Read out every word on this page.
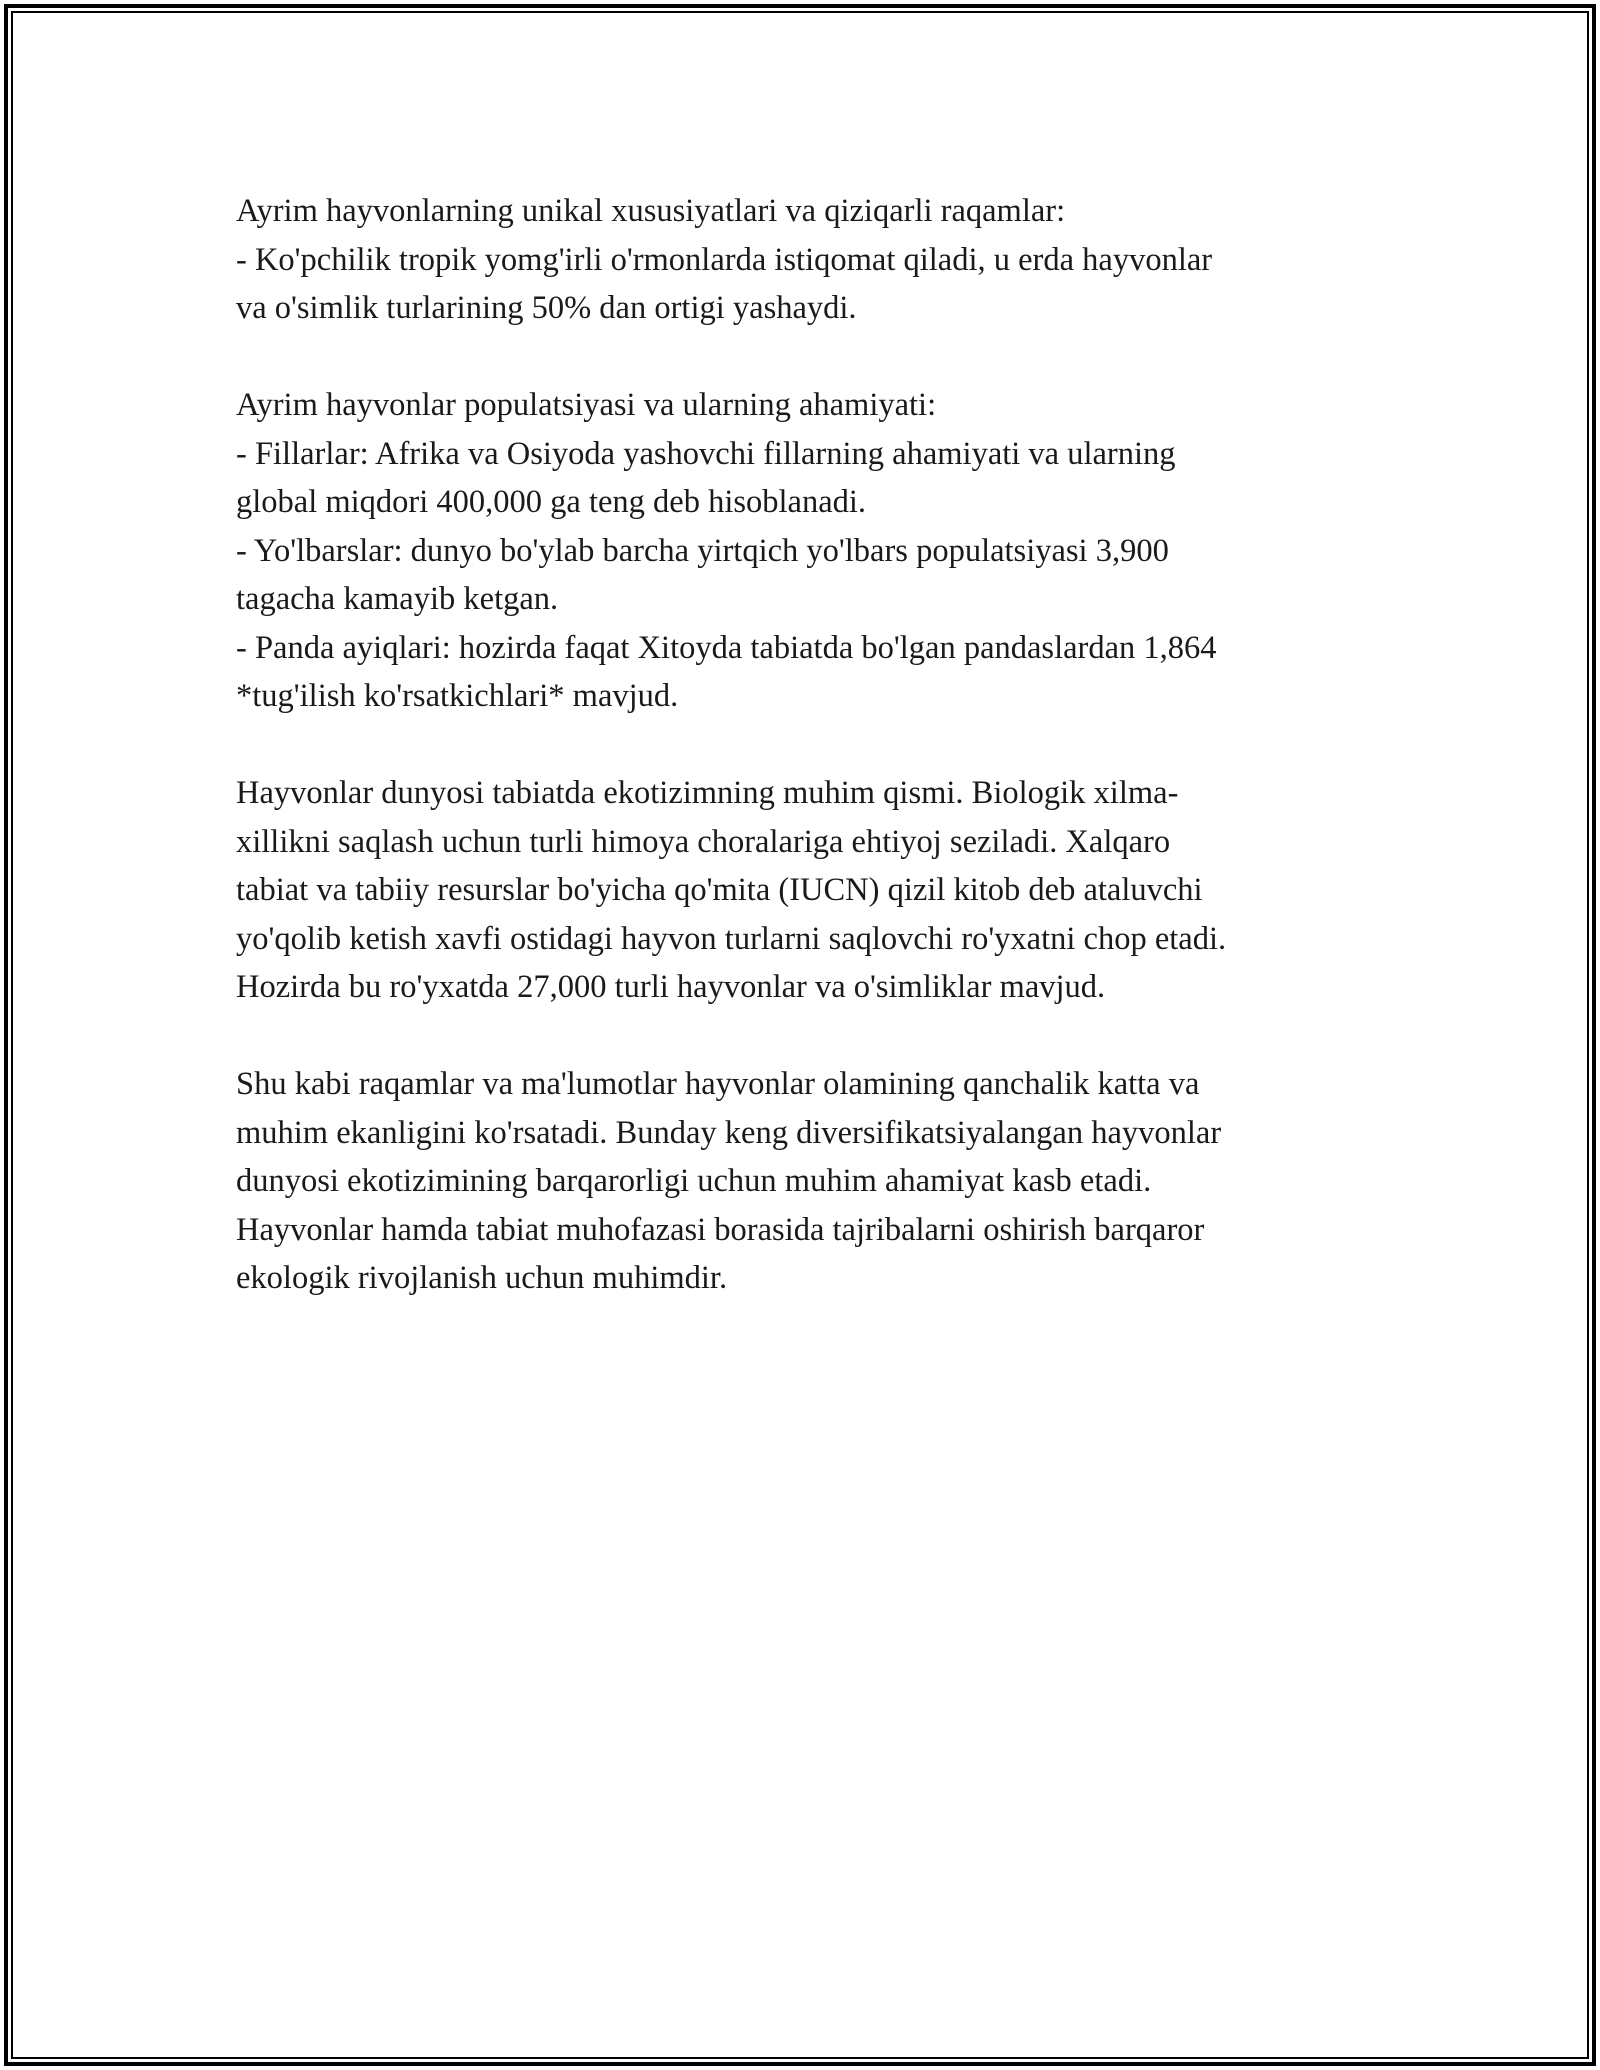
Ayrim hayvonlarning unikal xususiyatlari va qiziqarli raqamlar:
- Ko'pchilik tropik yomg'irli o'rmonlarda istiqomat qiladi, u erda hayvonlar
va o'simlik turlarining 50% dan ortigi yashaydi.
Ayrim hayvonlar populatsiyasi va ularning ahamiyati:
- Fillarlar: Afrika va Osiyoda yashovchi fillarning ahamiyati va ularning
global miqdori 400,000 ga teng deb hisoblanadi.
- Yo'lbarslar: dunyo bo'ylab barcha yirtqich yo'lbars populatsiyasi 3,900
tagacha kamayib ketgan.
- Panda ayiqlari: hozirda faqat Xitoyda tabiatda bo'lgan pandaslardan 1,864
*tug'ilish ko'rsatkichlari* mavjud.
Hayvonlar dunyosi tabiatda ekotizimning muhim qismi. Biologik xilma-
xillikni saqlash uchun turli himoya choralariga ehtiyoj seziladi. Xalqaro
tabiat va tabiiy resurslar bo'yicha qo'mita (IUCN) qizil kitob deb ataluvchi
yo'qolib ketish xavfi ostidagi hayvon turlarni saqlovchi ro'yxatni chop etadi.
Hozirda bu ro'yxatda 27,000 turli hayvonlar va o'simliklar mavjud.
Shu kabi raqamlar va ma'lumotlar hayvonlar olamining qanchalik katta va
muhim ekanligini ko'rsatadi. Bunday keng diversifikatsiyalangan hayvonlar
dunyosi ekotizimining barqarorligi uchun muhim ahamiyat kasb etadi.
Hayvonlar hamda tabiat muhofazasi borasida tajribalarni oshirish barqaror
ekologik rivojlanish uchun muhimdir.
